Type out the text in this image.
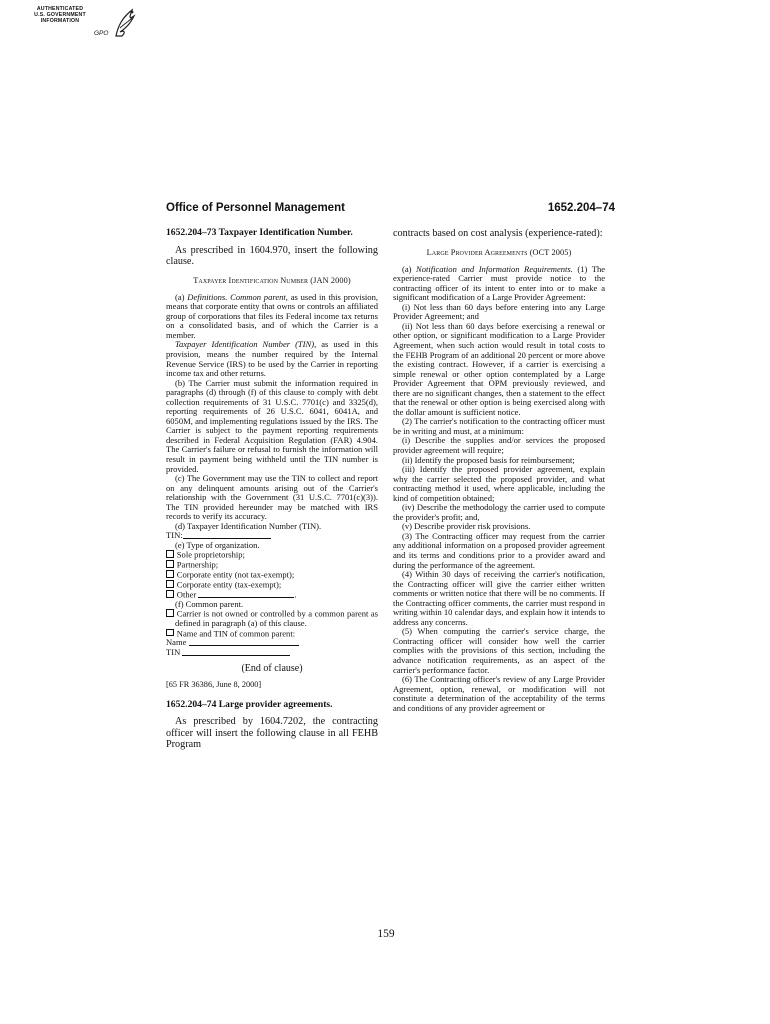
AUTHENTICATED
U.S. GOVERNMENT
INFORMATION
GPO
Office of Personnel Management	1652.204–74
1652.204–73 Taxpayer Identification Number.

As prescribed in 1604.970, insert the following clause.

Taxpayer Identification Number (JAN 2000)

(a) Definitions. Common parent, as used in this provision, means that corporate entity that owns or controls an affiliated group of corporations that files its Federal income tax returns on a consolidated basis, and of which the Carrier is a member.

Taxpayer Identification Number (TIN), as used in this provision, means the number required by the Internal Revenue Service (IRS) to be used by the Carrier in reporting income tax and other returns.

(b) The Carrier must submit the information required in paragraphs (d) through (f) of this clause to comply with debt collection requirements of 31 U.S.C. 7701(c) and 3325(d), reporting requirements of 26 U.S.C. 6041, 6041A, and 6050M, and implementing regulations issued by the IRS. The Carrier is subject to the payment reporting requirements described in Federal Acquisition Regulation (FAR) 4.904. The Carrier's failure or refusal to furnish the information will result in payment being withheld until the TIN number is provided.

(c) The Government may use the TIN to collect and report on any delinquent amounts arising out of the Carrier's relationship with the Government (31 U.S.C. 7701(c)(3)). The TIN provided hereunder may be matched with IRS records to verify its accuracy.

(d) Taxpayer Identification Number (TIN).

TIN:

(e) Type of organization.

Sole proprietorship;
Partnership;
Corporate entity (not tax-exempt);
Corporate entity (tax-exempt);
Other	.

(f) Common parent.

Carrier is not owned or controlled by a common parent as defined in paragraph (a) of this clause.
Name and TIN of common parent:

Name

TIN

(End of clause)
[65 FR 36386, June 8, 2000]
1652.204–74 Large provider agreements.

As prescribed by 1604.7202, the contracting officer will insert the following clause in all FEHB Program

contracts based on cost analysis (experience-rated):

Large Provider Agreements (OCT 2005)

(a) Notification and Information Requirements. (1) The experience-rated Carrier must provide notice to the contracting officer of its intent to enter into or to make a significant modification of a Large Provider Agreement:

(i) Not less than 60 days before entering into any Large Provider Agreement; and

(ii) Not less than 60 days before exercising a renewal or other option, or significant modification to a Large Provider Agreement, when such action would result in total costs to the FEHB Program of an additional 20 percent or more above the existing contract. However, if a carrier is exercising a simple renewal or other option contemplated by a Large Provider Agreement that OPM previously reviewed, and there are no significant changes, then a statement to the effect that the renewal or other option is being exercised along with the dollar amount is sufficient notice.

(2) The carrier's notification to the contracting officer must be in writing and must, at a minimum:

(i) Describe the supplies and/or services the proposed provider agreement will require;

(ii) Identify the proposed basis for reimbursement;

(iii) Identify the proposed provider agreement, explain why the carrier selected the proposed provider, and what contracting method it used, where applicable, including the kind of competition obtained;

(iv) Describe the methodology the carrier used to compute the provider's profit; and,

(v) Describe provider risk provisions.

(3) The Contracting officer may request from the carrier any additional information on a proposed provider agreement and its terms and conditions prior to a provider award and during the performance of the agreement.

(4) Within 30 days of receiving the carrier's notification, the Contracting officer will give the carrier either written comments or written notice that there will be no comments. If the Contracting officer comments, the carrier must respond in writing within 10 calendar days, and explain how it intends to address any concerns.

(5) When computing the carrier's service charge, the Contracting officer will consider how well the carrier complies with the provisions of this section, including the advance notification requirements, as an aspect of the carrier's performance factor.

(6) The Contracting officer's review of any Large Provider Agreement, option, renewal, or modification will not constitute a determination of the acceptability of the terms and conditions of any provider agreement or

159
